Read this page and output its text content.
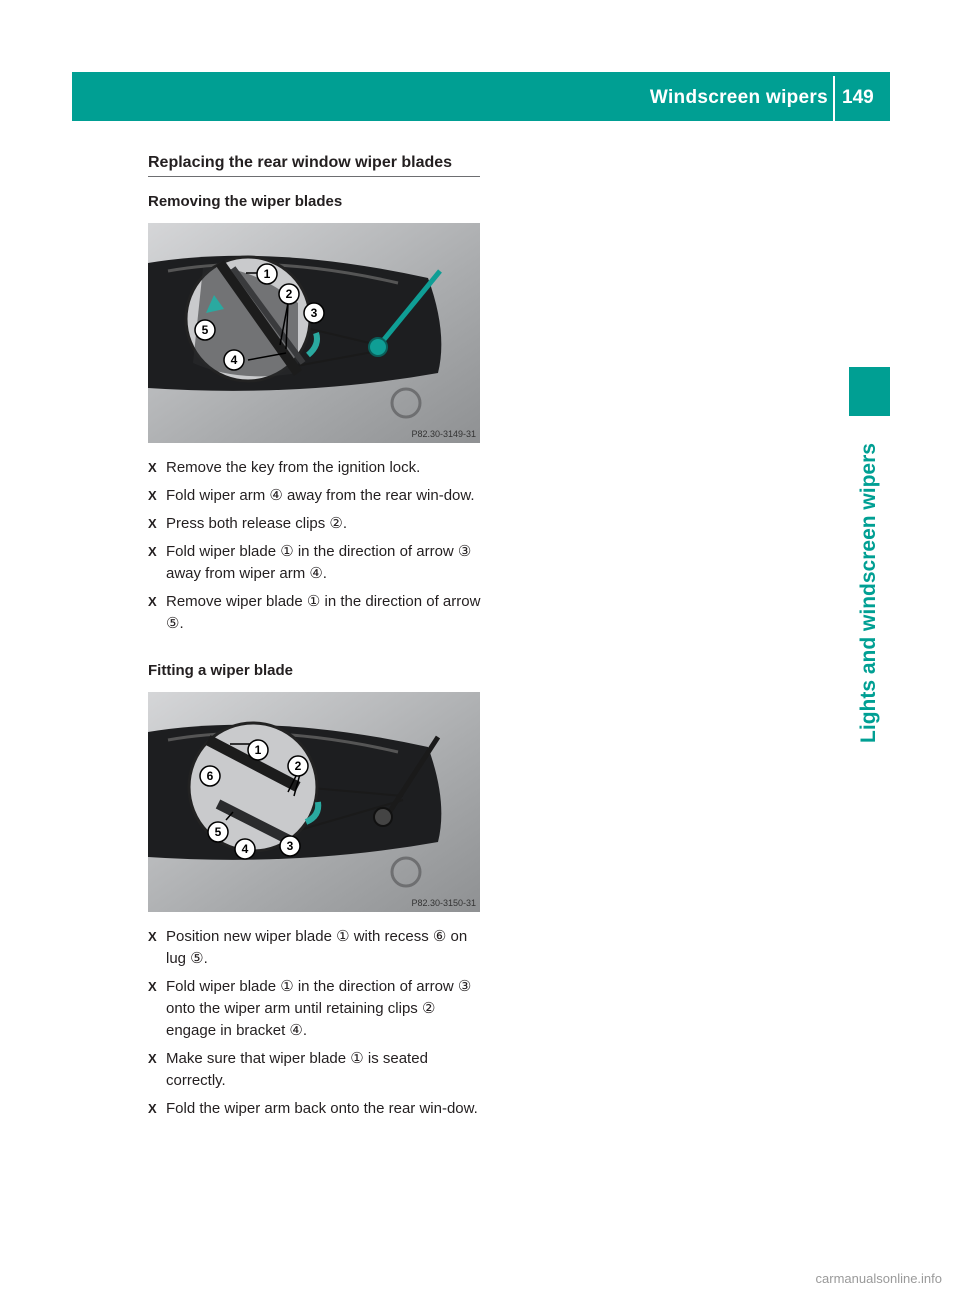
Windscreen wipers 149
Lights and windscreen wipers
Replacing the rear window wiper blades
Removing the wiper blades
1
2
3
4
5
P82.30-3149-31
X Remove the key from the ignition lock.
X Fold wiper arm ④ away from the rear win-dow.
X Press both release clips ②.
X Fold wiper blade ① in the direction of arrow ③ away from wiper arm ④.
X Remove wiper blade ① in the direction of arrow ⑤.
Fitting a wiper blade
1
2
3
4
5
6
P82.30-3150-31
X Position new wiper blade ① with recess ⑥ on lug ⑤.
X Fold wiper blade ① in the direction of arrow ③ onto the wiper arm until retaining clips ② engage in bracket ④.
X Make sure that wiper blade ① is seated correctly.
X Fold the wiper arm back onto the rear win-dow.
carmanualsonline.info
